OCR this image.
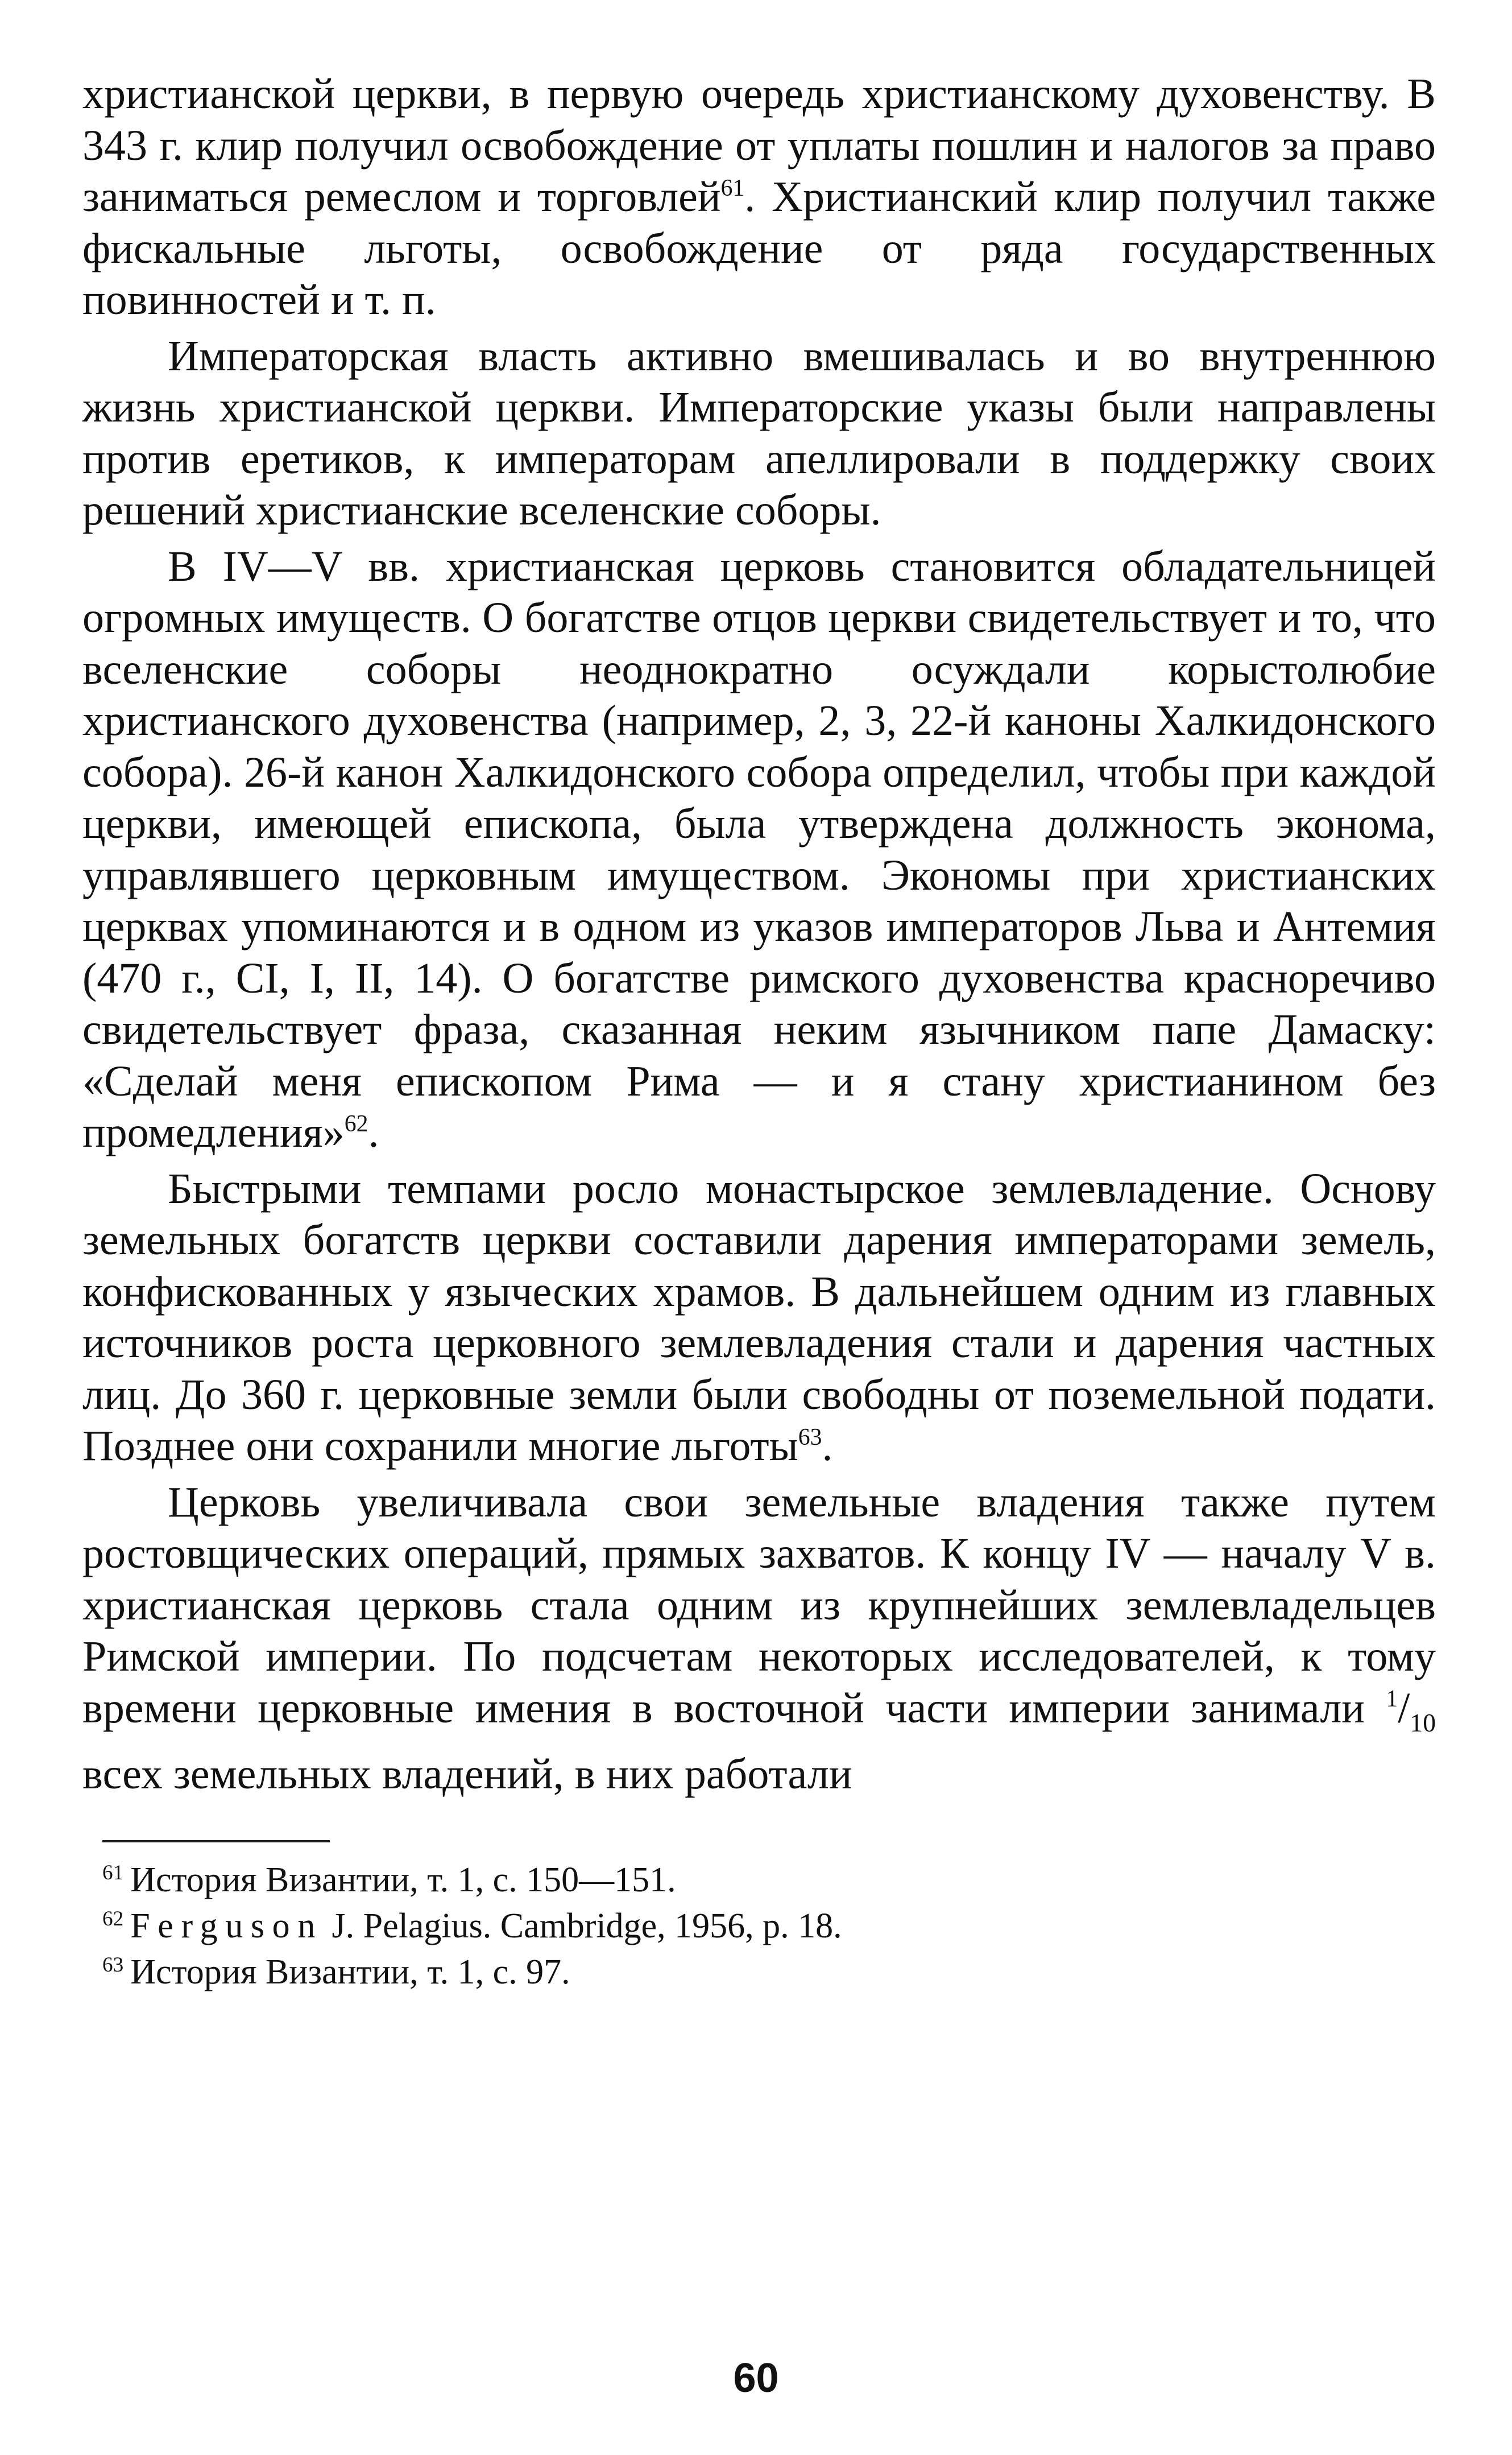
христианской церкви, в первую очередь христианскому духовенству. В 343 г. клир получил освобождение от уплаты пошлин и налогов за право заниматься ремеслом и торговлей$^{61}$. Христианский клир получил также фискальные льготы, освобождение от ряда государственных повинностей и т. п.

Императорская власть активно вмешивалась и во внутреннюю жизнь христианской церкви. Императорские указы были направлены против еретиков, к императорам апеллировали в поддержку своих решений христианские вселенские соборы.

В IV—V вв. христианская церковь становится обладательницей огромных имуществ. О богатстве отцов церкви свидетельствует и то, что вселенские соборы неоднократно осуждали корыстолюбие христианского духовенства (например, 2, 3, 22-й каноны Халкидонского собора). 26-й канон Халкидонского собора определил, чтобы при каждой церкви, имеющей епископа, была утверждена должность эконома, управлявшего церковным имуществом. Экономы при христианских церквах упоминаются и в одном из указов императоров Льва и Антемия (470 г., CI, I, II, 14). О богатстве римского духовенства красноречиво свидетельствует фраза, сказанная неким язычником папе Дамаску: «Сделай меня епископом Рима — и я стану христианином без промедления»$^{62}$.

Быстрыми темпами росло монастырское землевладение. Основу земельных богатств церкви составили дарения императорами земель, конфискованных у языческих храмов. В дальнейшем одним из главных источников роста церковного землевладения стали и дарения частных лиц. До 360 г. церковные земли были свободны от поземельной подати. Позднее они сохранили многие льготы$^{63}$.

Церковь увеличивала свои земельные владения также путем ростовщических операций, прямых захватов. К концу IV — началу V в. христианская церковь стала одним из крупнейших землевладельцев Римской империи. По подсчетам некоторых исследователей, к тому времени церковные имения в восточной части империи занимали $^1/_{10}$ всех земельных владений, в них работали

$^{61}$ История Византии, т. 1, с. 150—151.

$^{62}$ Ferguson J. Pelagius. Cambridge, 1956, p. 18.

$^{63}$ История Византии, т. 1, с. 97.

60
